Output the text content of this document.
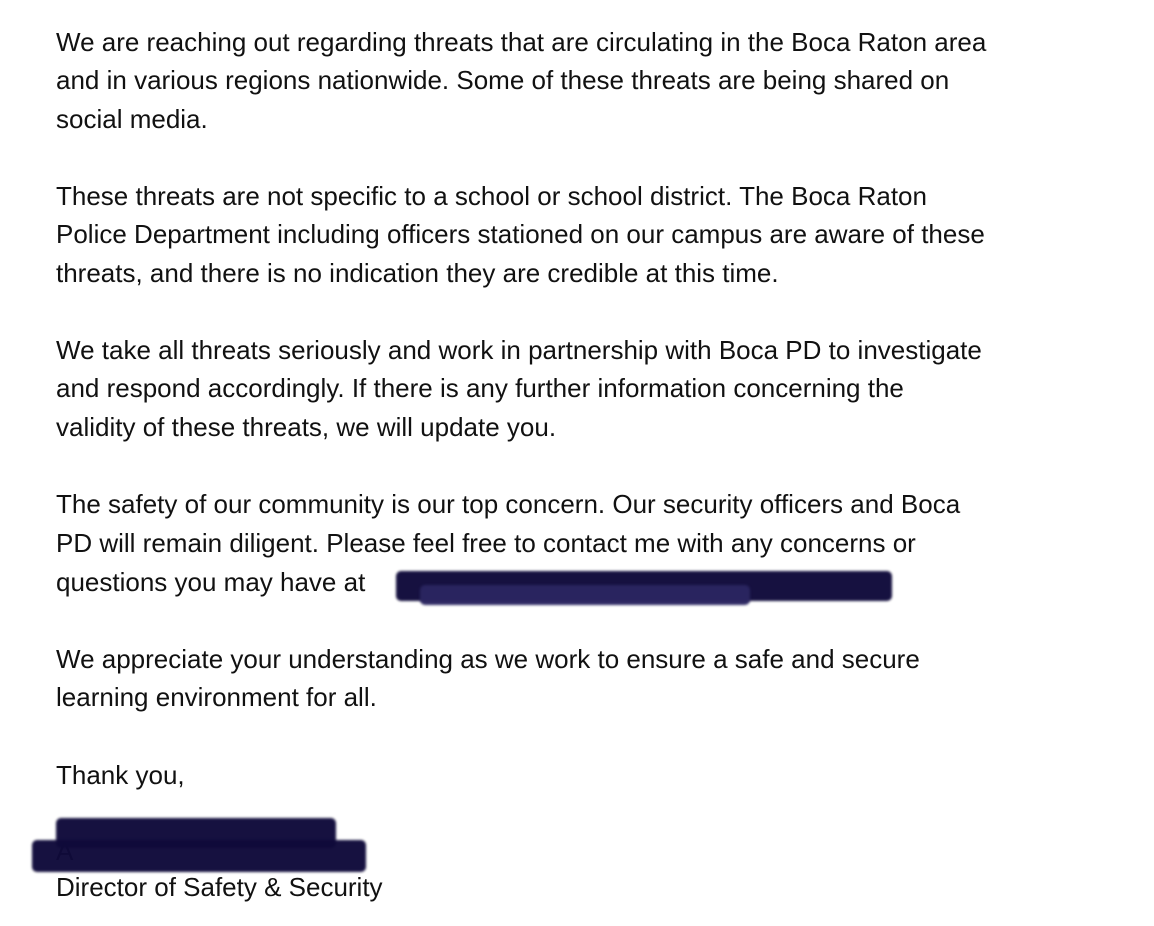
We are reaching out regarding threats that are circulating in the Boca Raton area

and in various regions nationwide. Some of these threats are being shared on

social media.

These threats are not specific to a school or school district. The Boca Raton

Police Department including officers stationed on our campus are aware of these

threats, and there is no indication they are credible at this time.

We take all threats seriously and work in partnership with Boca PD to investigate

and respond accordingly. If there is any further information concerning the

validity of these threats, we will update you.

The safety of our community is our top concern. Our security officers and Boca

PD will remain diligent. Please feel free to contact me with any concerns or

questions you may have at

We appreciate your understanding as we work to ensure a safe and secure

learning environment for all.

Thank you,

Director of Safety & Security
